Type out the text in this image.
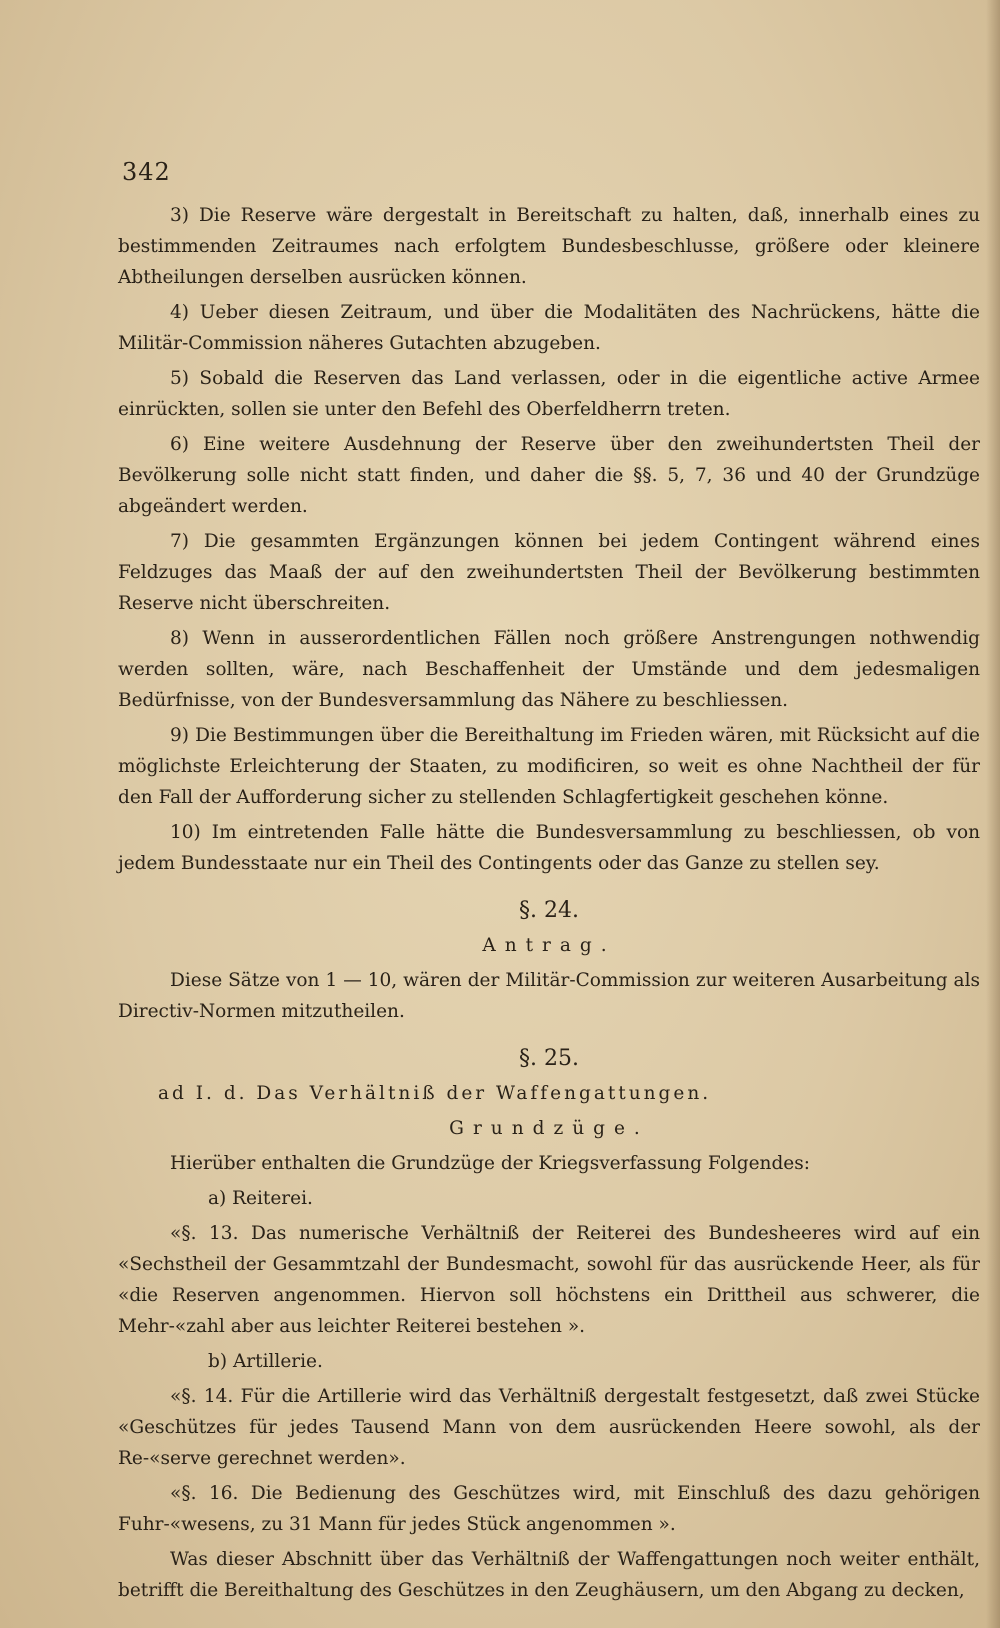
342

3) Die Reserve wäre dergestalt in Bereitschaft zu halten, daß, innerhalb eines zu bestimmenden Zeitraumes nach erfolgtem Bundesbeschlusse, größere oder kleinere Abtheilungen derselben ausrücken können.

4) Ueber diesen Zeitraum, und über die Modalitäten des Nachrückens, hätte die Militär-Commission näheres Gutachten abzugeben.

5) Sobald die Reserven das Land verlassen, oder in die eigentliche active Armee einrückten, sollen sie unter den Befehl des Oberfeldherrn treten.

6) Eine weitere Ausdehnung der Reserve über den zweihundertsten Theil der Bevölkerung solle nicht statt finden, und daher die §§. 5, 7, 36 und 40 der Grundzüge abgeändert werden.

7) Die gesammten Ergänzungen können bei jedem Contingent während eines Feldzuges das Maaß der auf den zweihundertsten Theil der Bevölkerung bestimmten Reserve nicht überschreiten.

8) Wenn in ausserordentlichen Fällen noch größere Anstrengungen nothwendig werden sollten, wäre, nach Beschaffenheit der Umstände und dem jedesmaligen Bedürfnisse, von der Bundesversammlung das Nähere zu beschliessen.

9) Die Bestimmungen über die Bereithaltung im Frieden wären, mit Rücksicht auf die möglichste Erleichterung der Staaten, zu modificiren, so weit es ohne Nachtheil der für den Fall der Aufforderung sicher zu stellenden Schlagfertigkeit geschehen könne.

10) Im eintretenden Falle hätte die Bundesversammlung zu beschliessen, ob von jedem Bundesstaate nur ein Theil des Contingents oder das Ganze zu stellen sey.

§. 24.

Antrag.

Diese Sätze von 1 — 10, wären der Militär-Commission zur weiteren Ausarbeitung als Directiv-Normen mitzutheilen.

§. 25.

ad I. d. Das Verhältniß der Waffengattungen.

Grundzüge.

Hierüber enthalten die Grundzüge der Kriegsverfassung Folgendes:

a) Reiterei.

«§. 13. Das numerische Verhältniß der Reiterei des Bundesheeres wird auf ein «Sechstheil der Gesammtzahl der Bundesmacht, sowohl für das ausrückende Heer, als für «die Reserven angenommen. Hiervon soll höchstens ein Drittheil aus schwerer, die Mehr-«zahl aber aus leichter Reiterei bestehen ».

b) Artillerie.

«§. 14. Für die Artillerie wird das Verhältniß dergestalt festgesetzt, daß zwei Stücke «Geschützes für jedes Tausend Mann von dem ausrückenden Heere sowohl, als der Re-«serve gerechnet werden».

«§. 16. Die Bedienung des Geschützes wird, mit Einschluß des dazu gehörigen Fuhr-«wesens, zu 31 Mann für jedes Stück angenommen ».

Was dieser Abschnitt über das Verhältniß der Waffengattungen noch weiter enthält, betrifft die Bereithaltung des Geschützes in den Zeughäusern, um den Abgang zu decken,
